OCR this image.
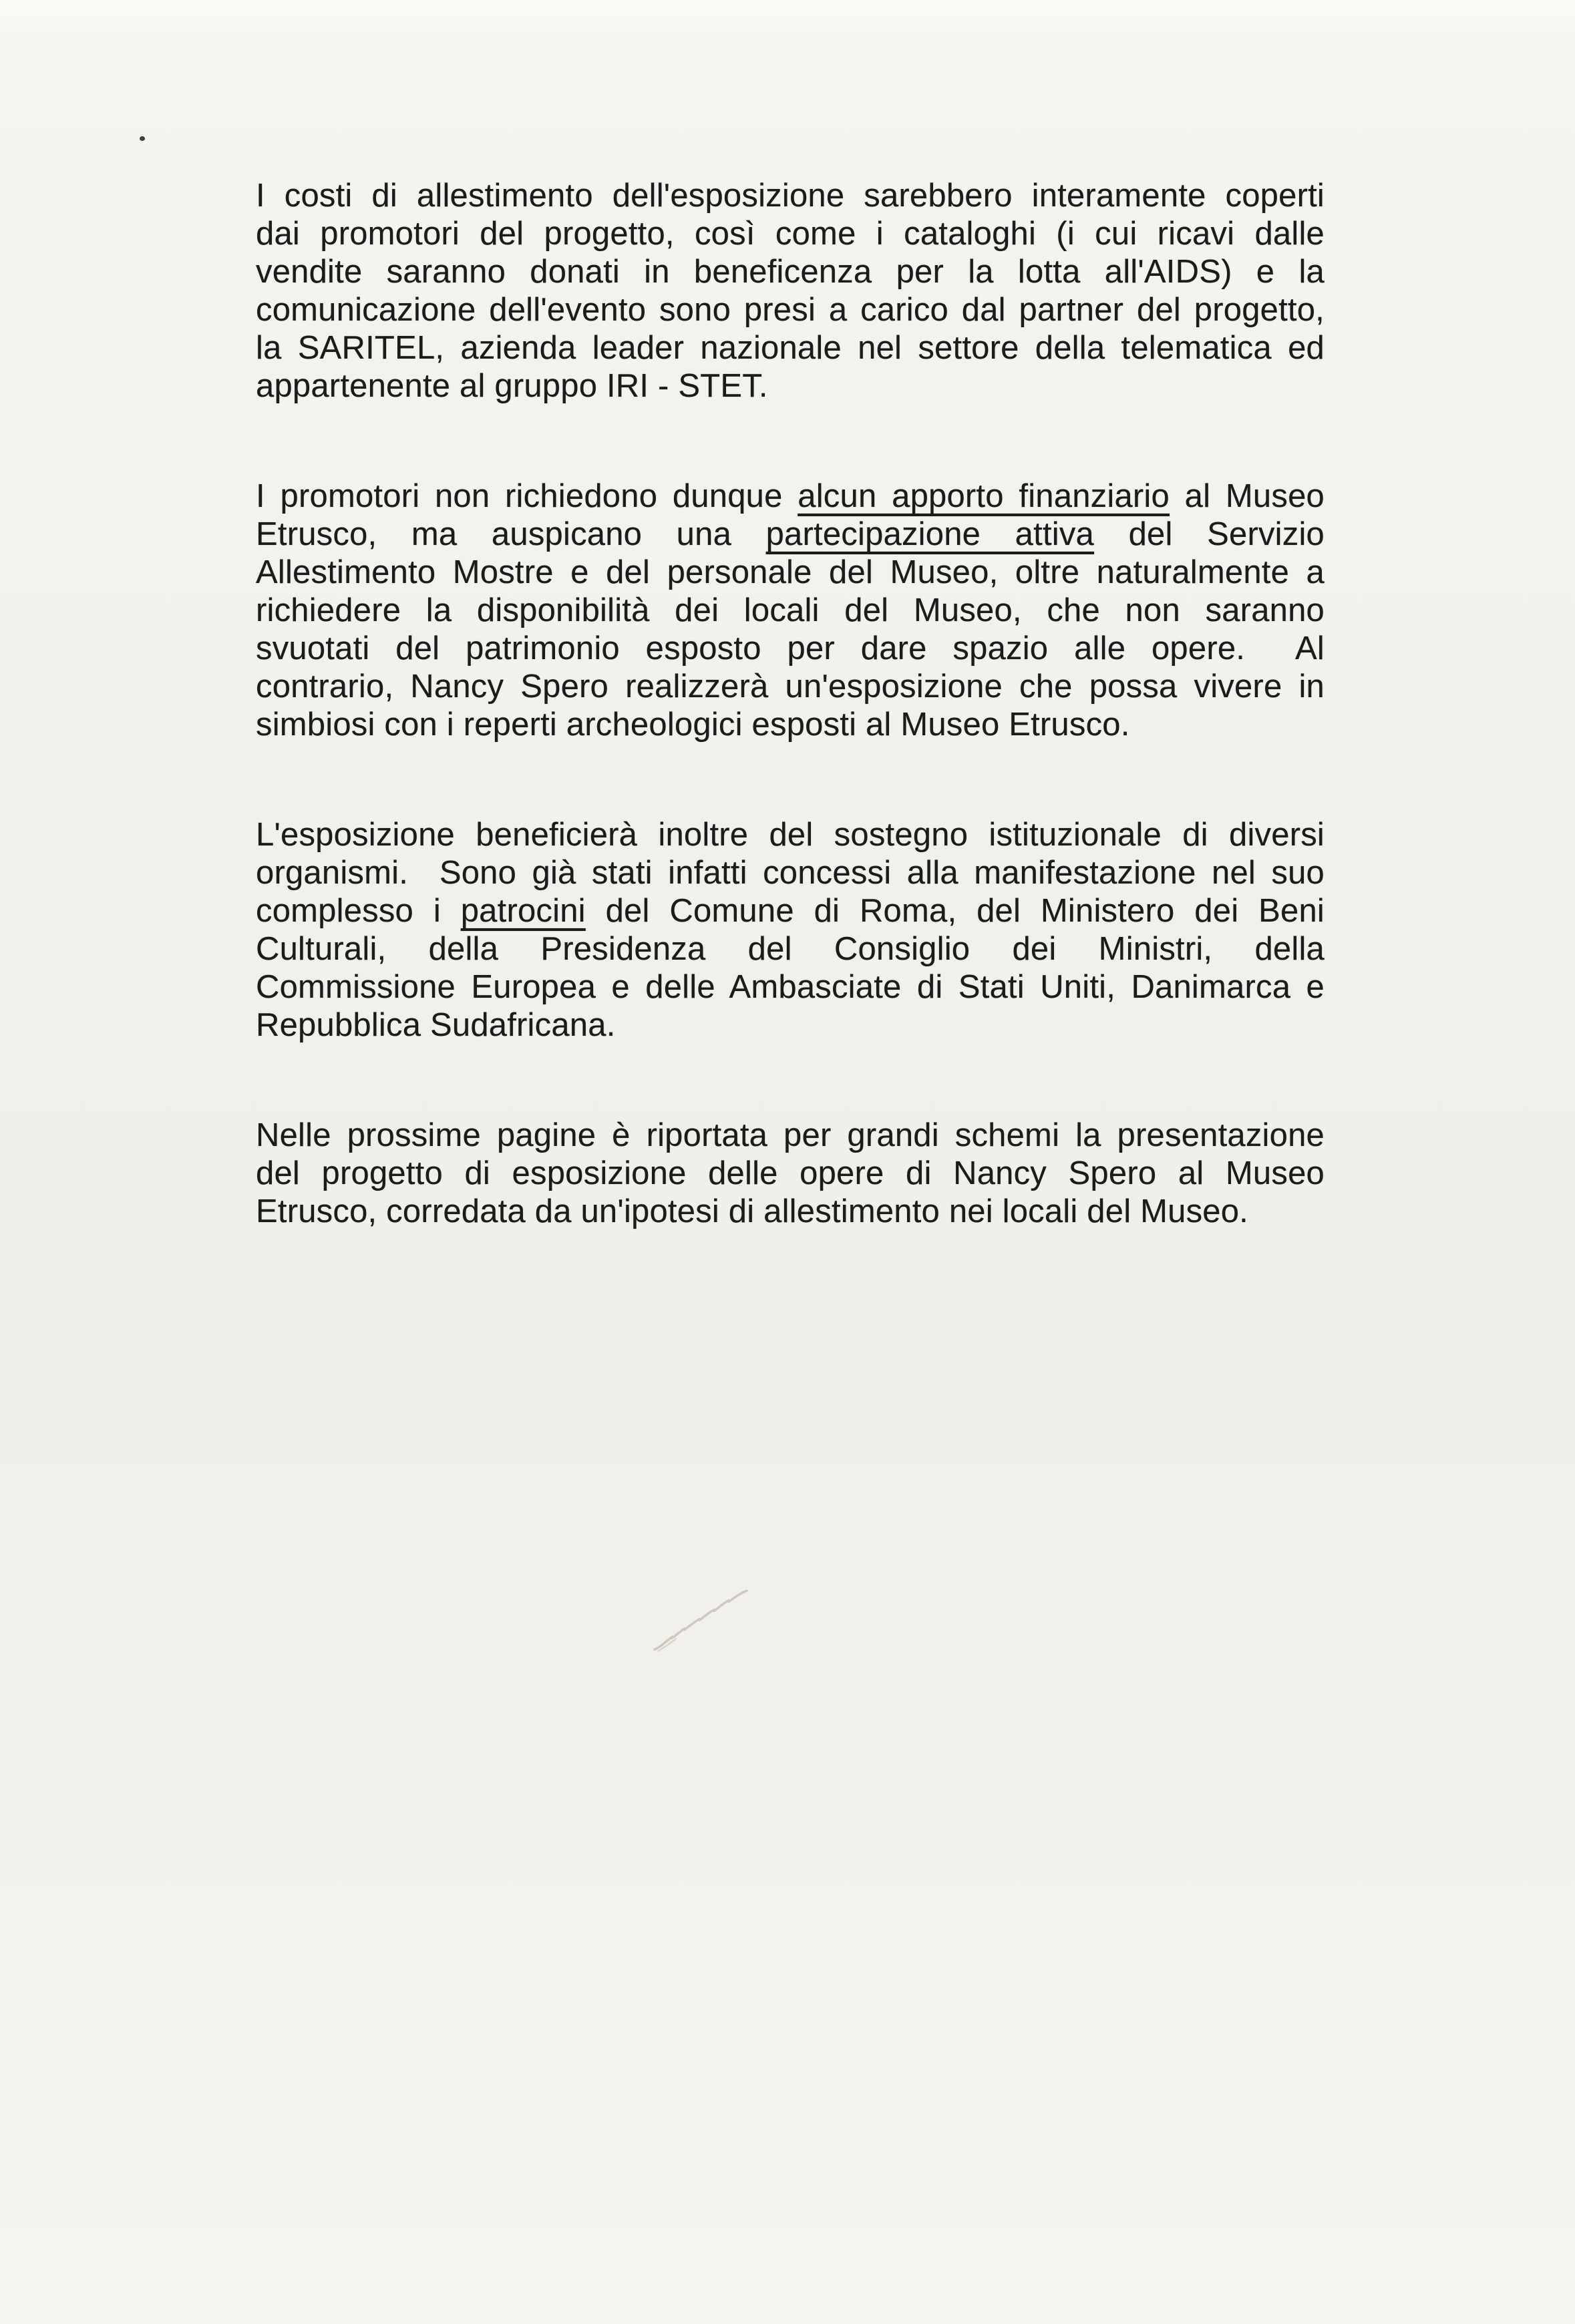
I costi di allestimento dell'esposizione sarebbero interamente coperti
dai promotori del progetto, così come i cataloghi (i cui ricavi dalle
vendite saranno donati in beneficenza per la lotta all'AIDS) e la
comunicazione dell'evento sono presi a carico dal partner del progetto,
la SARITEL, azienda leader nazionale nel settore della telematica ed
appartenente al gruppo IRI - STET.
I promotori non richiedono dunque alcun apporto finanziario al Museo
Etrusco, ma auspicano una partecipazione attiva del Servizio
Allestimento Mostre e del personale del Museo, oltre naturalmente a
richiedere la disponibilità dei locali del Museo, che non saranno
svuotati del patrimonio esposto per dare spazio alle opere.  Al
contrario, Nancy Spero realizzerà un'esposizione che possa vivere in
simbiosi con i reperti archeologici esposti al Museo Etrusco.
L'esposizione beneficierà inoltre del sostegno istituzionale di diversi
organismi.  Sono già stati infatti concessi alla manifestazione nel suo
complesso i patrocini del Comune di Roma, del Ministero dei Beni
Culturali, della Presidenza del Consiglio dei Ministri, della
Commissione Europea e delle Ambasciate di Stati Uniti, Danimarca e
Repubblica Sudafricana.
Nelle prossime pagine è riportata per grandi schemi la presentazione
del progetto di esposizione delle opere di Nancy Spero al Museo
Etrusco, corredata da un'ipotesi di allestimento nei locali del Museo.
